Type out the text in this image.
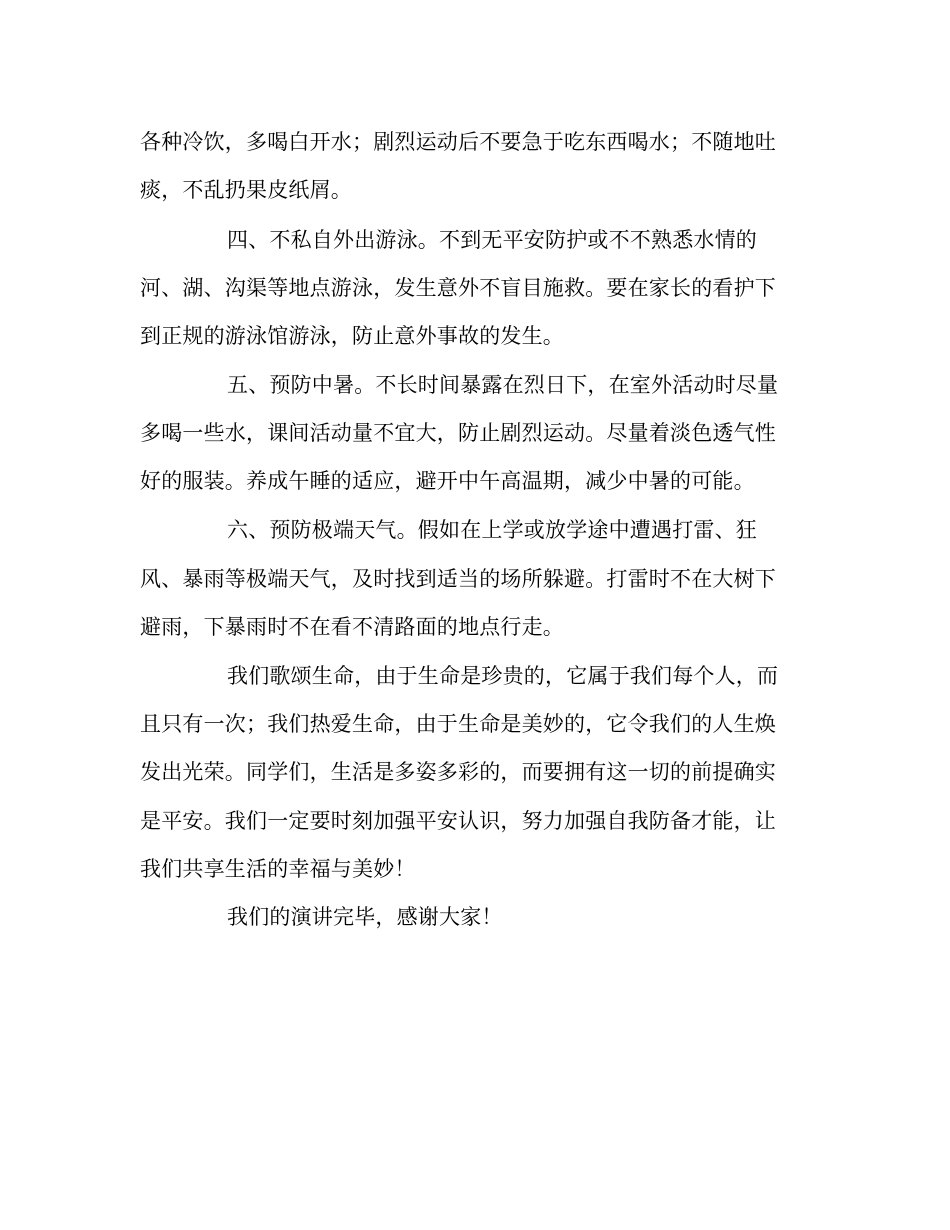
各种冷饮，多喝白开水；剧烈运动后不要急于吃东西喝水；不随地吐
痰，不乱扔果皮纸屑。
四、不私自外出游泳。不到无平安防护或不不熟悉水情的
河、湖、沟渠等地点游泳，发生意外不盲目施救。要在家长的看护下
到正规的游泳馆游泳，防止意外事故的发生。
五、预防中暑。不长时间暴露在烈日下，在室外活动时尽量
多喝一些水，课间活动量不宜大，防止剧烈运动。尽量着淡色透气性
好的服装。养成午睡的适应，避开中午高温期，减少中暑的可能。
六、预防极端天气。假如在上学或放学途中遭遇打雷、狂
风、暴雨等极端天气，及时找到适当的场所躲避。打雷时不在大树下
避雨，下暴雨时不在看不清路面的地点行走。
我们歌颂生命，由于生命是珍贵的，它属于我们每个人，而
且只有一次；我们热爱生命，由于生命是美妙的，它令我们的人生焕
发出光荣。同学们，生活是多姿多彩的，而要拥有这一切的前提确实
是平安。我们一定要时刻加强平安认识，努力加强自我防备才能，让
我们共享生活的幸福与美妙！
我们的演讲完毕，感谢大家！
